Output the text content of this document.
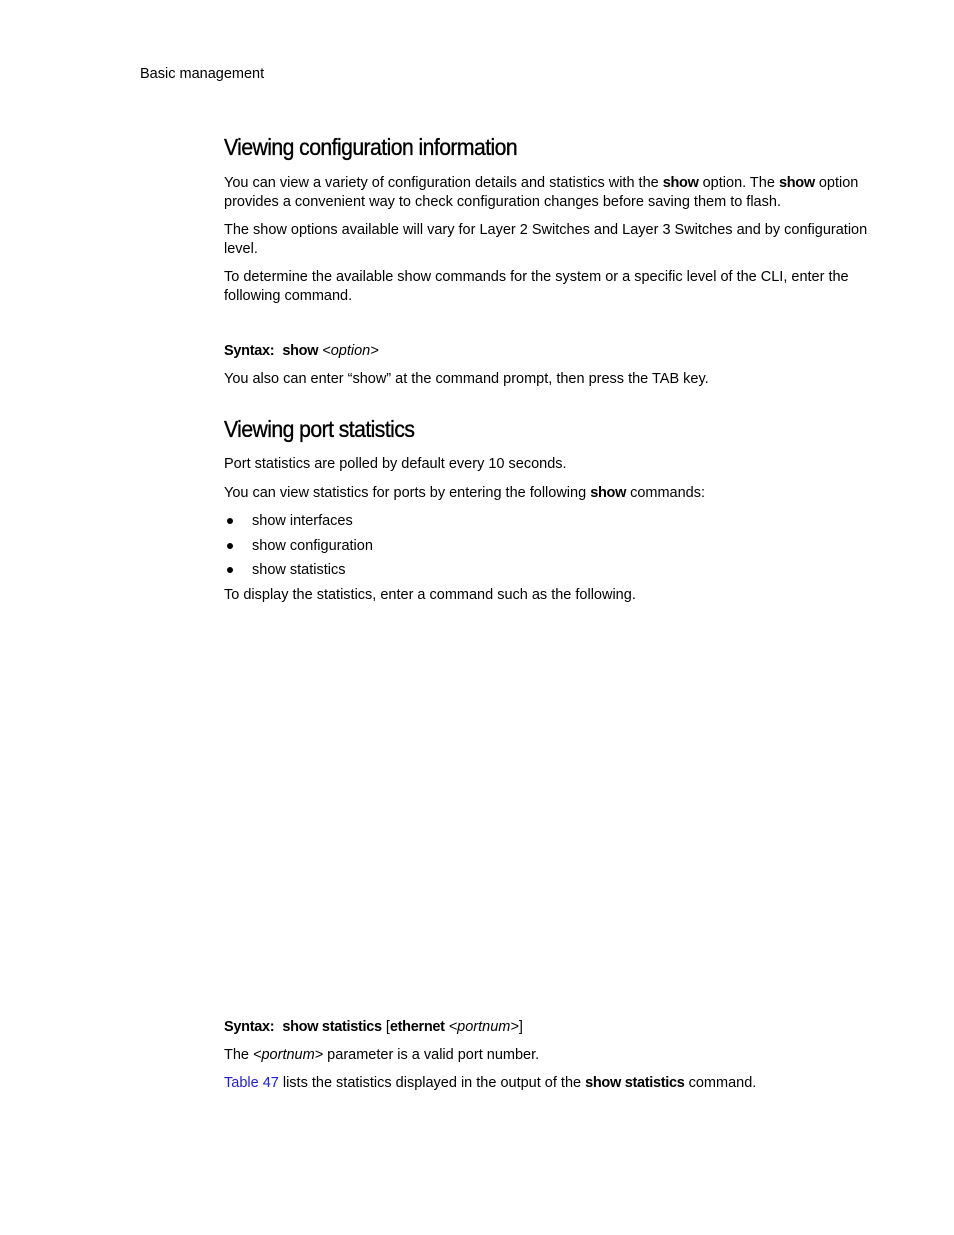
Basic management
Viewing configuration information

You can view a variety of configuration details and statistics with the show option. The show option provides a convenient way to check configuration changes before saving them to flash.

The show options available will vary for Layer 2 Switches and Layer 3 Switches and by configuration level.

To determine the available show commands for the system or a specific level of the CLI, enter the following command.

Syntax: show <option>

You also can enter “show” at the command prompt, then press the TAB key.

Viewing port statistics

Port statistics are polled by default every 10 seconds.

You can view statistics for ports by entering the following show commands:

show interfaces
show configuration
show statistics

To display the statistics, enter a command such as the following.

Syntax: show statistics [ethernet <portnum>]

The <portnum> parameter is a valid port number.

Table 47 lists the statistics displayed in the output of the show statistics command.
